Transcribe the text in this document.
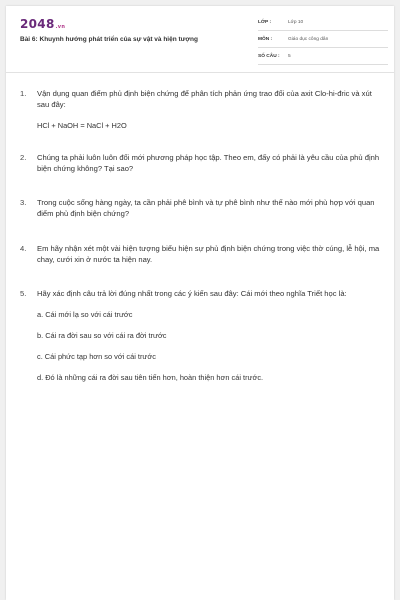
2048.vn
Bài 6: Khuynh hướng phát triển của sự vật và hiện tượng
LỚP :	Lớp 10
MÔN :	Giáo dục công dân
SỐ CÂU : 5
1. Vận dụng quan điểm phủ định biện chứng để phân tích phản ứng trao đổi của axit Clo-hi-đric và xút sau đây:
HCl + NaOH = NaCl + H2O
2. Chúng ta phải luôn luôn đổi mới phương pháp học tập. Theo em, đấy có phải là yêu cầu của phủ định biện chứng không? Tại sao?
3. Trong cuộc sống hàng ngày, ta cần phải phê bình và tự phê bình như thế nào mới phù hợp với quan điểm phủ định biện chứng?
4. Em hãy nhận xét một vài hiện tượng biểu hiện sự phủ định biện chứng trong việc thờ cúng, lễ hội, ma chay, cưới xin ở nước ta hiện nay.
5. Hãy xác định câu trả lời đúng nhất trong các ý kiến sau đây: Cái mới theo nghĩa Triết học là:
a. Cái mới lạ so với cái trước
b. Cái ra đời sau so với cái ra đời trước
c. Cái phức tạp hơn so với cái trước
d. Đó là những cái ra đời sau tiên tiến hơn, hoàn thiện hơn cái trước.
